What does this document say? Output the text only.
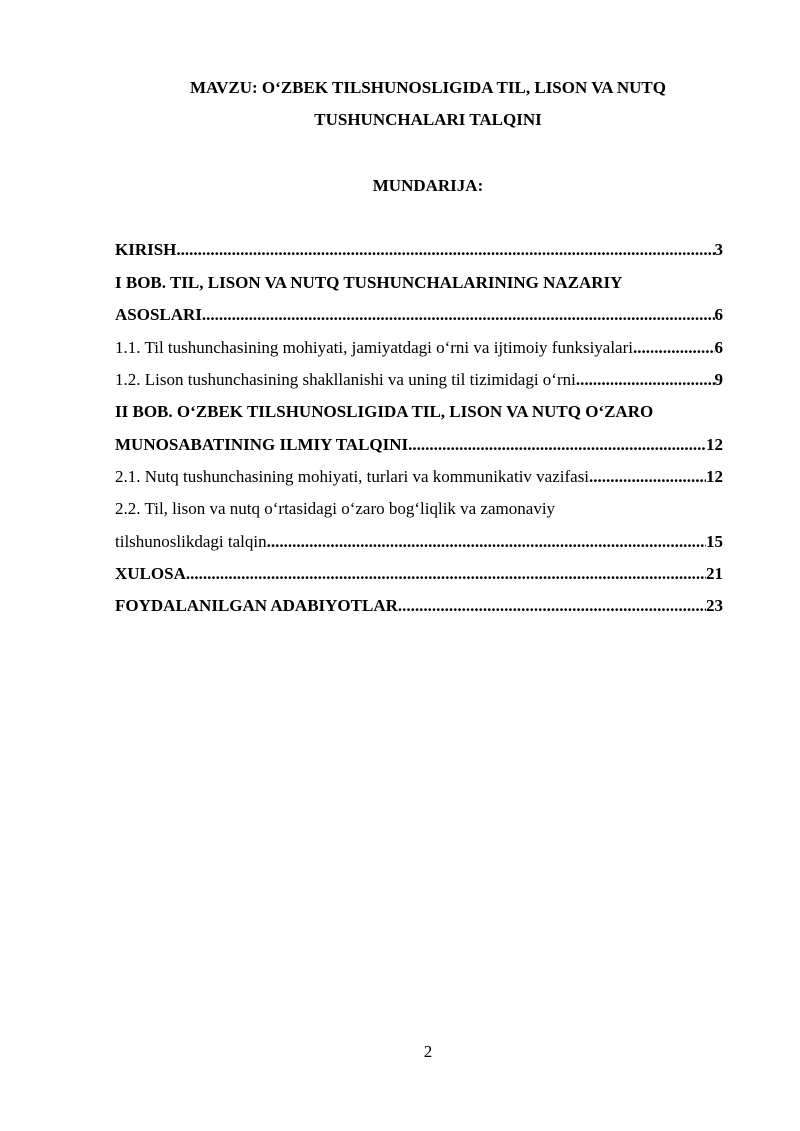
MAVZU: O‘ZBEK TILSHUNOSLIGIDA TIL, LISON VA NUTQ
TUSHUNCHALARI TALQINI
MUNDARIJA:
KIRISH .....	3
I BOB. TIL, LISON VA NUTQ TUSHUNCHALARINING NAZARIY
ASOSLARI .....	6
1.1. Til tushunchasining mohiyati, jamiyatdagi o‘rni va ijtimoiy funksiyalari .....	6
1.2. Lison tushunchasining shakllanishi va uning til tizimidagi o‘rni .....	9
II BOB. O‘ZBEK TILSHUNOSLIGIDA TIL, LISON VA NUTQ O‘ZARO
MUNOSABATINING ILMIY TALQINI .....	12
2.1. Nutq tushunchasining mohiyati, turlari va kommunikativ vazifasi .....	12
2.2. Til, lison va nutq o‘rtasidagi o‘zaro bog‘liqlik va zamonaviy
tilshunoslikdagi talqin .....	15
XULOSA .....	21
FOYDALANILGAN ADABIYOTLAR .....	23
2
